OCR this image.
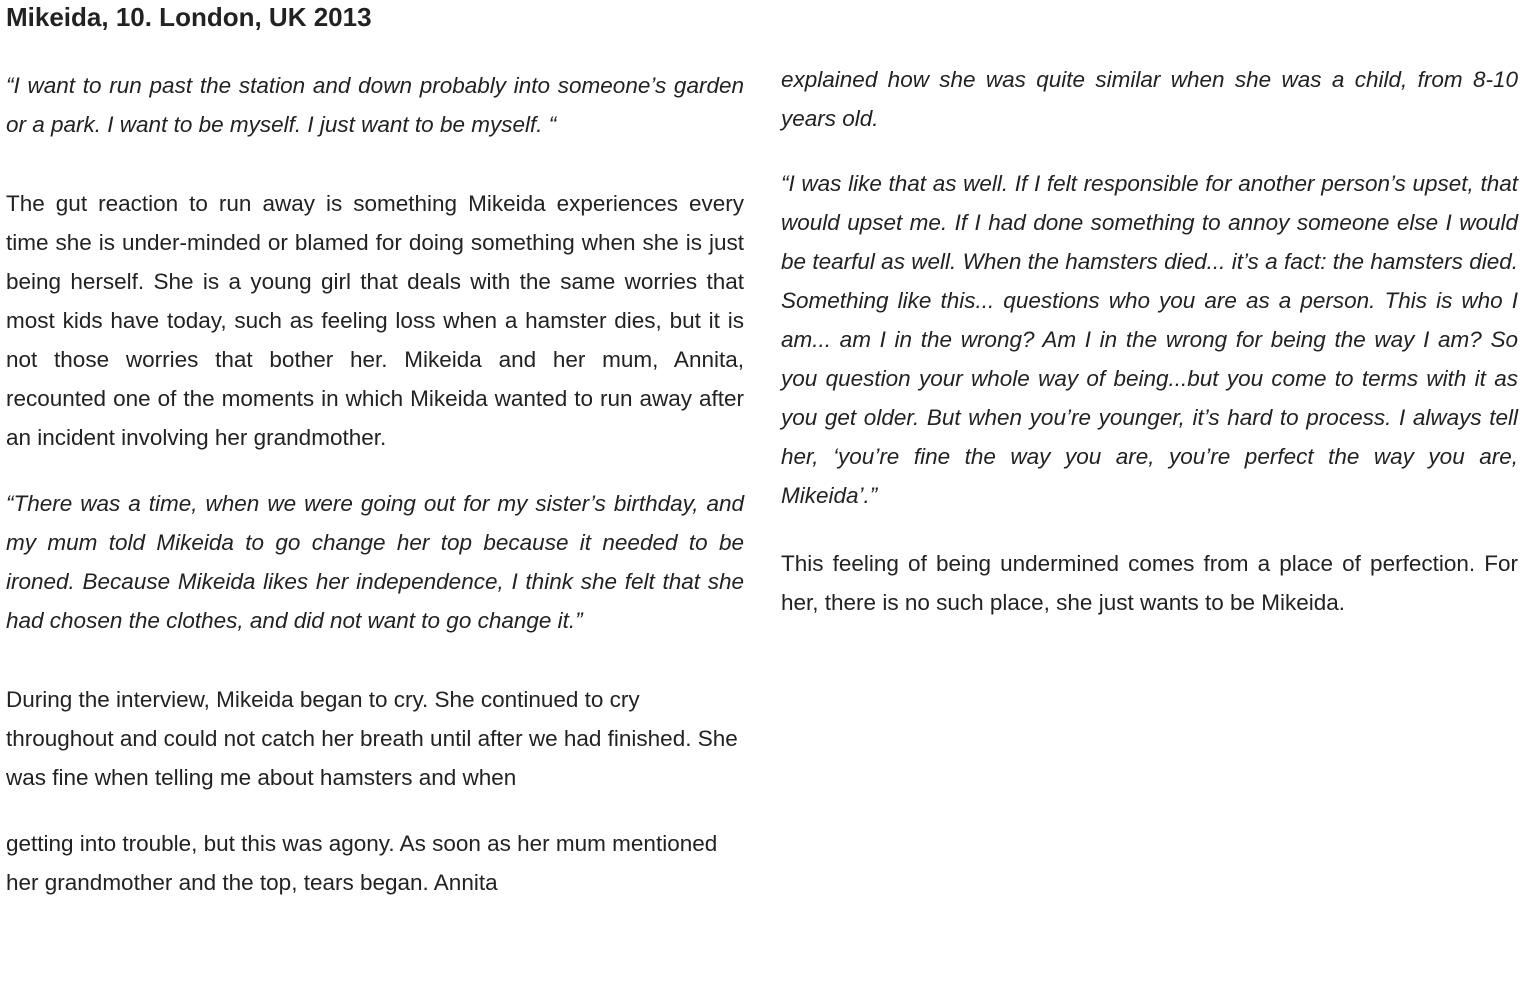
Mikeida, 10. London, UK 2013

“I want to run past the station and down probably into someone’s garden or a park. I want to be myself. I just want to be myself. “

The gut reaction to run away is something Mikeida experiences every time she is under-minded or blamed for doing something when she is just being herself. She is a young girl that deals with the same worries that most kids have today, such as feeling loss when a hamster dies, but it is not those worries that bother her. Mikeida and her mum, Annita, recounted one of the moments in which Mikeida wanted to run away after an incident involving her grandmother.

“There was a time, when we were going out for my sister’s birthday, and my mum told Mikeida to go change her top because it needed to be ironed. Because Mikeida likes her independence, I think she felt that she had chosen the clothes, and did not want to go change it.”

During the interview, Mikeida began to cry. She continued to cry throughout and could not catch her breath until after we had finished. She was fine when telling me about hamsters and when

getting into trouble, but this was agony. As soon as her mum mentioned her grandmother and the top, tears began. Annita

explained how she was quite similar when she was a child, from 8-10 years old.

“I was like that as well. If I felt responsible for another person’s upset, that would upset me. If I had done something to annoy someone else I would be tearful as well. When the hamsters died... it’s a fact: the hamsters died. Something like this... questions who you are as a person. This is who I am... am I in the wrong? Am I in the wrong for being the way I am? So you question your whole way of being...but you come to terms with it as you get older. But when you’re younger, it’s hard to process. I always tell her, ‘you’re fine the way you are, you’re perfect the way you are, Mikeida’.”

This feeling of being undermined comes from a place of perfection. For her, there is no such place, she just wants to be Mikeida.
